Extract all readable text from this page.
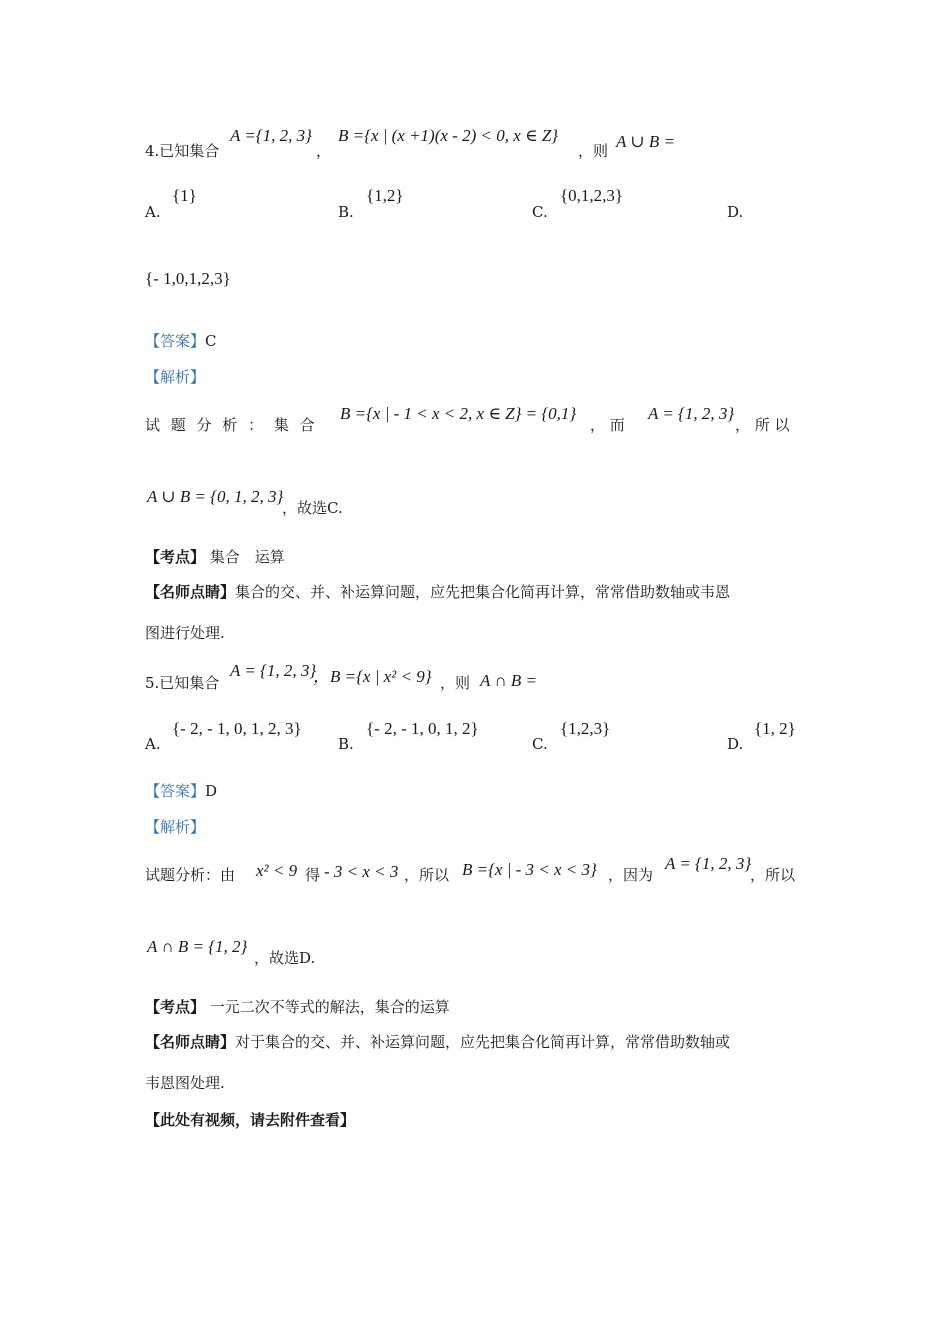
4.已知集合
A ={1, 2, 3}
，
B ={x | (x +1)(x - 2) < 0, x ∈ Z}
，则 A ∪ B =
A.
{1}
B.
{1,2}
C.
{0,1,2,3}
D.
{- 1,0,1,2,3}
【答案】C
【解析】
试 题 分 析 ： 集 合
B ={x | - 1 < x < 2, x ∈ Z} = {0,1}
， 而
A = {1, 2, 3}
， 所 以
A ∪ B = {0, 1, 2, 3}
，故选C.
【考点】 集合　运算
【名师点睛】集合的交、并、补运算问题，应先把集合化简再计算，常常借助数轴或韦恩
图进行处理.
5.已知集合
A = {1, 2, 3}
，B ={x | x² < 9} ，则 A ∩ B =
A.
{- 2, - 1, 0, 1, 2, 3}
B.
{- 2, - 1, 0, 1, 2}
C.
{1,2,3}
D.
{1, 2}
【答案】D
【解析】
试题分析：由 x² < 9 得 - 3 < x < 3 ，所以 B ={x | - 3 < x < 3} ，因为
A = {1, 2, 3}
，所以
A ∩ B = {1, 2}
，故选D.
【考点】 一元二次不等式的解法，集合的运算
【名师点睛】对于集合的交、并、补运算问题，应先把集合化简再计算，常常借助数轴或
韦恩图处理.
【此处有视频，请去附件查看】
